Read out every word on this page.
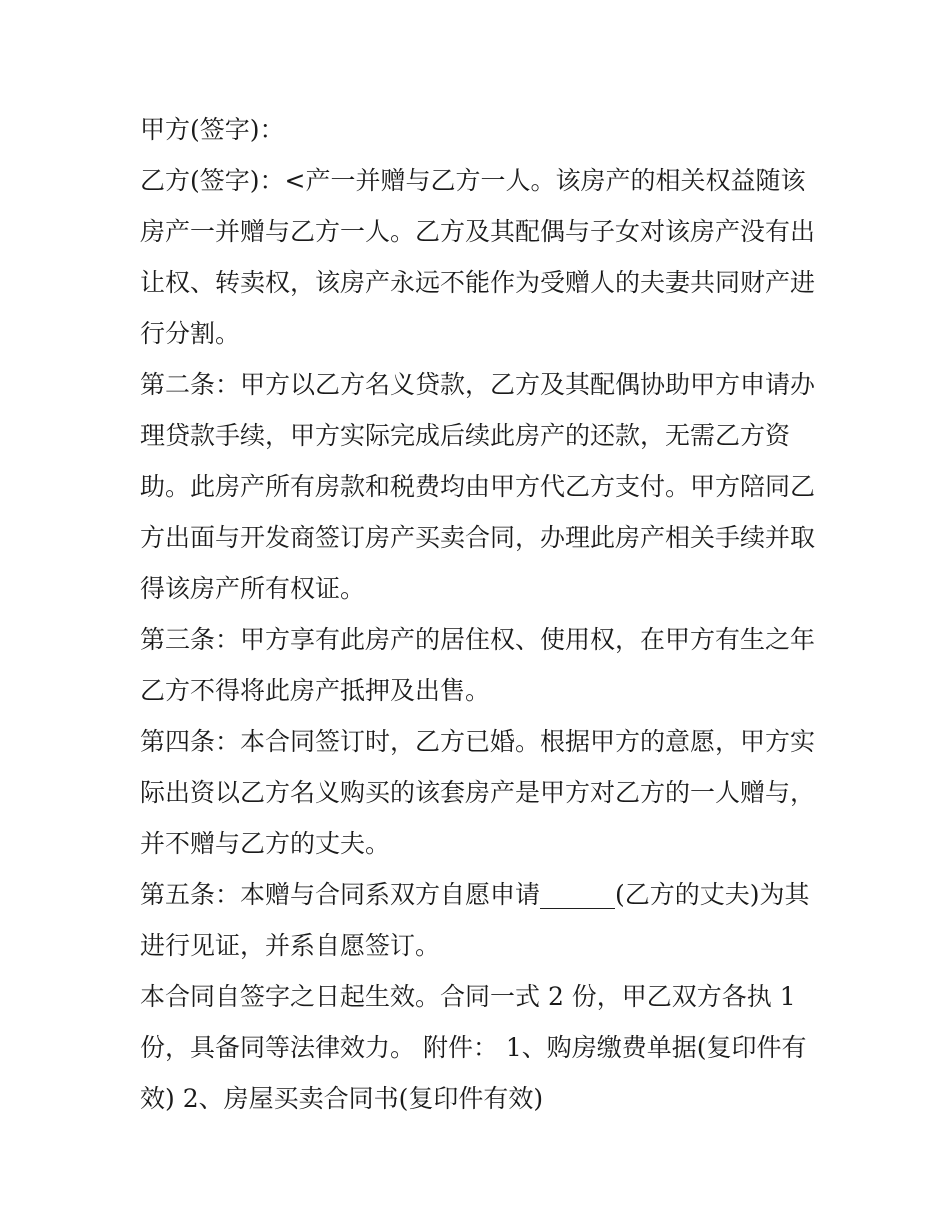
甲方(签字)：
乙方(签字)：<产一并赠与乙方一人。该房产的相关权益随该
房产一并赠与乙方一人。乙方及其配偶与子女对该房产没有出
让权、转卖权，该房产永远不能作为受赠人的夫妻共同财产进
行分割。
第二条：甲方以乙方名义贷款，乙方及其配偶协助甲方申请办
理贷款手续，甲方实际完成后续此房产的还款，无需乙方资
助。此房产所有房款和税费均由甲方代乙方支付。甲方陪同乙
方出面与开发商签订房产买卖合同，办理此房产相关手续并取
得该房产所有权证。
第三条：甲方享有此房产的居住权、使用权，在甲方有生之年
乙方不得将此房产抵押及出售。
第四条：本合同签订时，乙方已婚。根据甲方的意愿，甲方实
际出资以乙方名义购买的该套房产是甲方对乙方的一人赠与，
并不赠与乙方的丈夫。
第五条：本赠与合同系双方自愿申请______(乙方的丈夫)为其
进行见证，并系自愿签订。
本合同自签字之日起生效。合同一式 2 份，甲乙双方各执 1
份，具备同等法律效力。 附件： 1、购房缴费单据(复印件有
效) 2、房屋买卖合同书(复印件有效)
